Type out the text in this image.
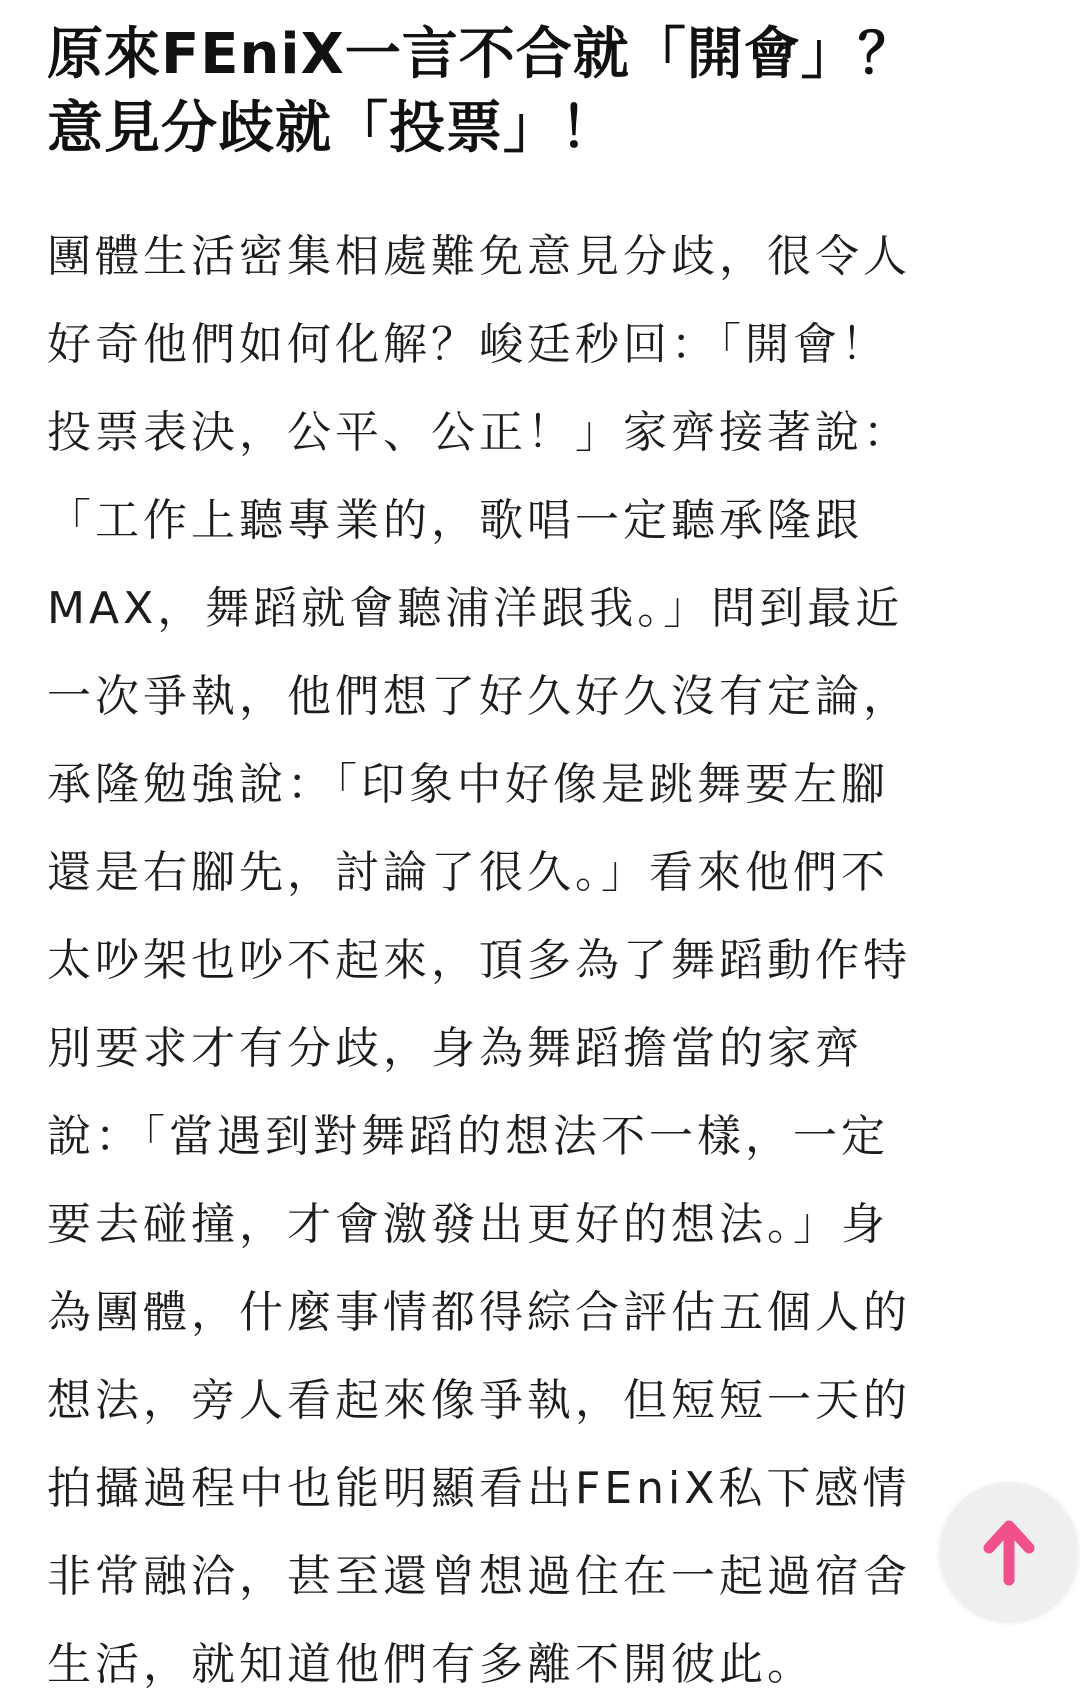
原來FEniX一言不合就「開會」？
意見分歧就「投票」！
團體生活密集相處難免意見分歧，很令人
好奇他們如何化解？峻廷秒回：「開會！
投票表決，公平、公正！」家齊接著說：
「工作上聽專業的，歌唱一定聽承隆跟
MAX，舞蹈就會聽浦洋跟我。」問到最近
一次爭執，他們想了好久好久沒有定論，
承隆勉強說：「印象中好像是跳舞要左腳
還是右腳先，討論了很久。」看來他們不
太吵架也吵不起來，頂多為了舞蹈動作特
別要求才有分歧，身為舞蹈擔當的家齊
說：「當遇到對舞蹈的想法不一樣，一定
要去碰撞，才會激發出更好的想法。」身
為團體，什麼事情都得綜合評估五個人的
想法，旁人看起來像爭執，但短短一天的
拍攝過程中也能明顯看出FEniX私下感情
非常融洽，甚至還曾想過住在一起過宿舍
生活，就知道他們有多離不開彼此。
